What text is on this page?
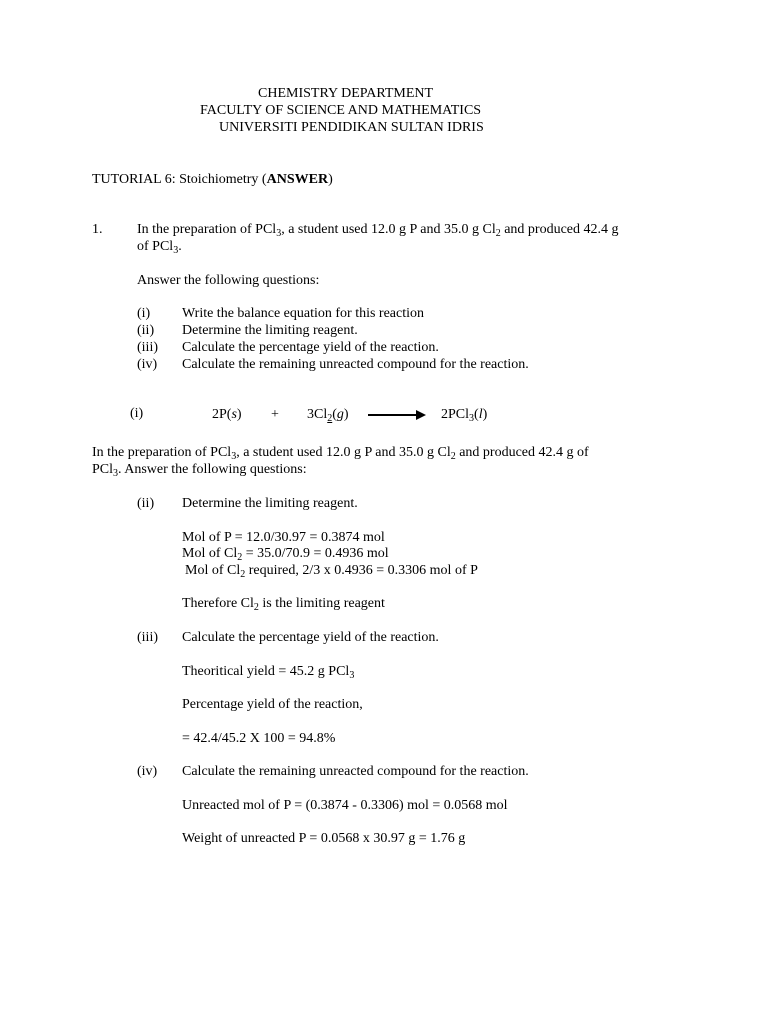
CHEMISTRY DEPARTMENT
FACULTY OF SCIENCE AND MATHEMATICS
UNIVERSITI PENDIDIKAN SULTAN IDRIS
TUTORIAL 6: Stoichiometry (ANSWER)
1. In the preparation of PCl$_3$, a student used 12.0 g P and 35.0 g $Cl_2$ and produced 42.4 g
of PCl$_3$.
Answer the following questions:
(i) Write the balance equation for this reaction
(ii) Determine the limiting reagent.
(iii) Calculate the percentage yield of the reaction.
(iv) Calculate the remaining unreacted compound for the reaction.
(i)	$2P(s) + 3Cl_2(g) \to 2PCl_3(l)$
In the preparation of PCl$_3$, a student used 12.0 g P and 35.0 g $Cl_2$ and produced 42.4 g of
PCl$_3$. Answer the following questions:
(ii) Determine the limiting reagent.
Mol of P = 12.0/30.97 = 0.3874 mol
Mol of $Cl_2 = 35.0/70.9 = 0.4936$ mol
Mol of $Cl_2$ required, 2/3 x 0.4936 = 0.3306 mol of P
Therefore $Cl_2$ is the limiting reagent
(iii) Calculate the percentage yield of the reaction.
Theoritical yield = 45.2 g PCl$_3$
Percentage yield of the reaction,
= 42.4/45.2 X 100 = 94.8%
(iv) Calculate the remaining unreacted compound for the reaction.
Unreacted mol of P = (0.3874 - 0.3306) mol = 0.0568 mol
Weight of unreacted P = 0.0568 x 30.97 g = 1.76 g
